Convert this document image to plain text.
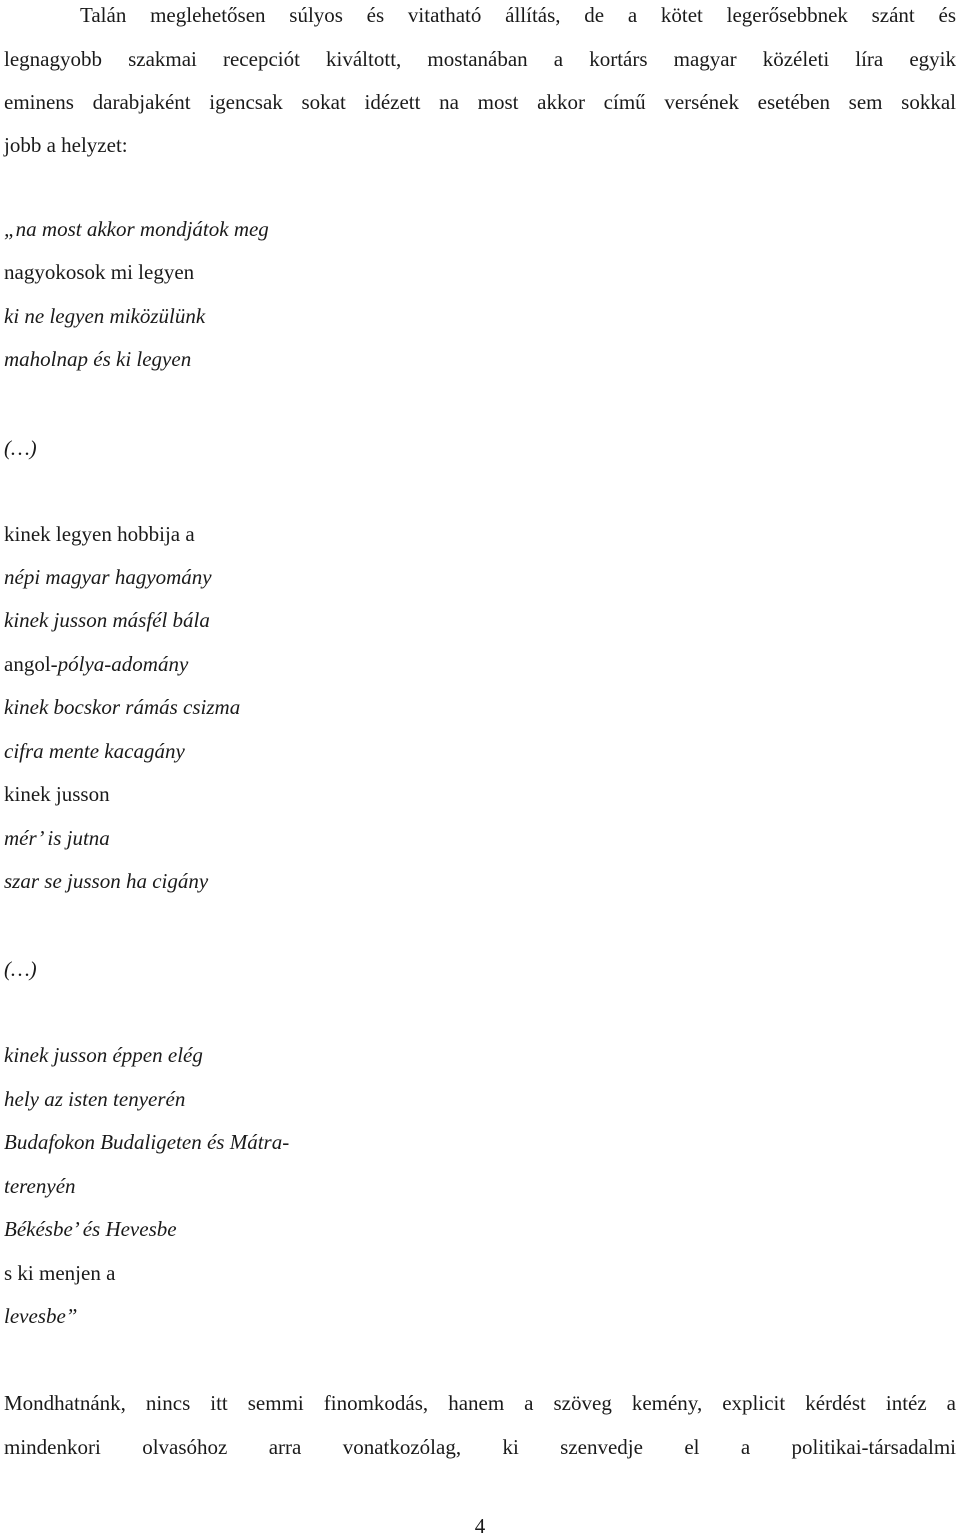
Talán meglehetősen súlyos és vitatható állítás, de a kötet legerősebbnek szánt és
legnagyobb szakmai recepciót kiváltott, mostanában a kortárs magyar közéleti líra egyik
eminens darabjaként igencsak sokat idézett na most akkor című versének esetében sem sokkal
jobb a helyzet:
„na most akkor mondjátok meg
nagyokosok mi legyen
ki ne legyen miközülünk
maholnap és ki legyen
(…)
kinek legyen hobbija a
népi magyar hagyomány
kinek jusson másfél bála
angol-pólya-adomány
kinek bocskor rámás csizma
cifra mente kacagány
kinek jusson
mér’ is jutna
szar se jusson ha cigány
(…)
kinek jusson éppen elég
hely az isten tenyerén
Budafokon Budaligeten és Mátra-
terenyén
Békésbe’ és Hevesbe
s ki menjen a
levesbe”
Mondhatnánk, nincs itt semmi finomkodás, hanem a szöveg kemény, explicit kérdést intéz a
mindenkori olvasóhoz arra vonatkozólag, ki szenvedje el a politikai-társadalmi
4
